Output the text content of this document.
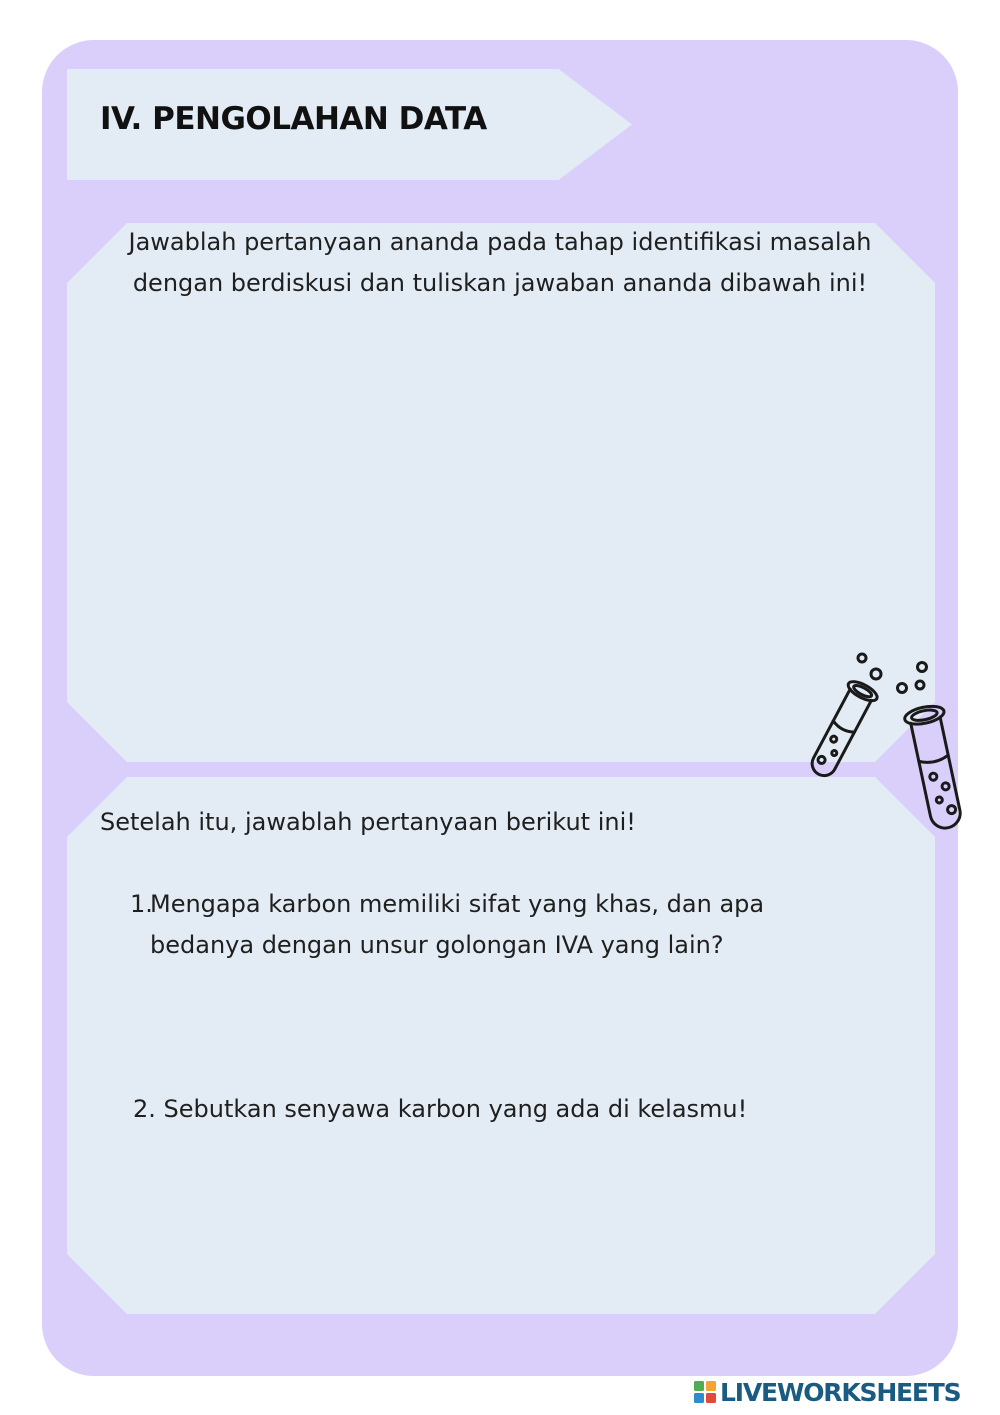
IV. PENGOLAHAN DATA
Jawablah pertanyaan ananda pada tahap identifikasi masalah
dengan berdiskusi dan tuliskan jawaban ananda dibawah ini!
Setelah itu, jawablah pertanyaan berikut ini!
1.
Mengapa karbon memiliki sifat yang khas, dan apa
bedanya dengan unsur golongan IVA yang lain?
2. Sebutkan senyawa karbon yang ada di kelasmu!
LIVEWORKSHEETS
